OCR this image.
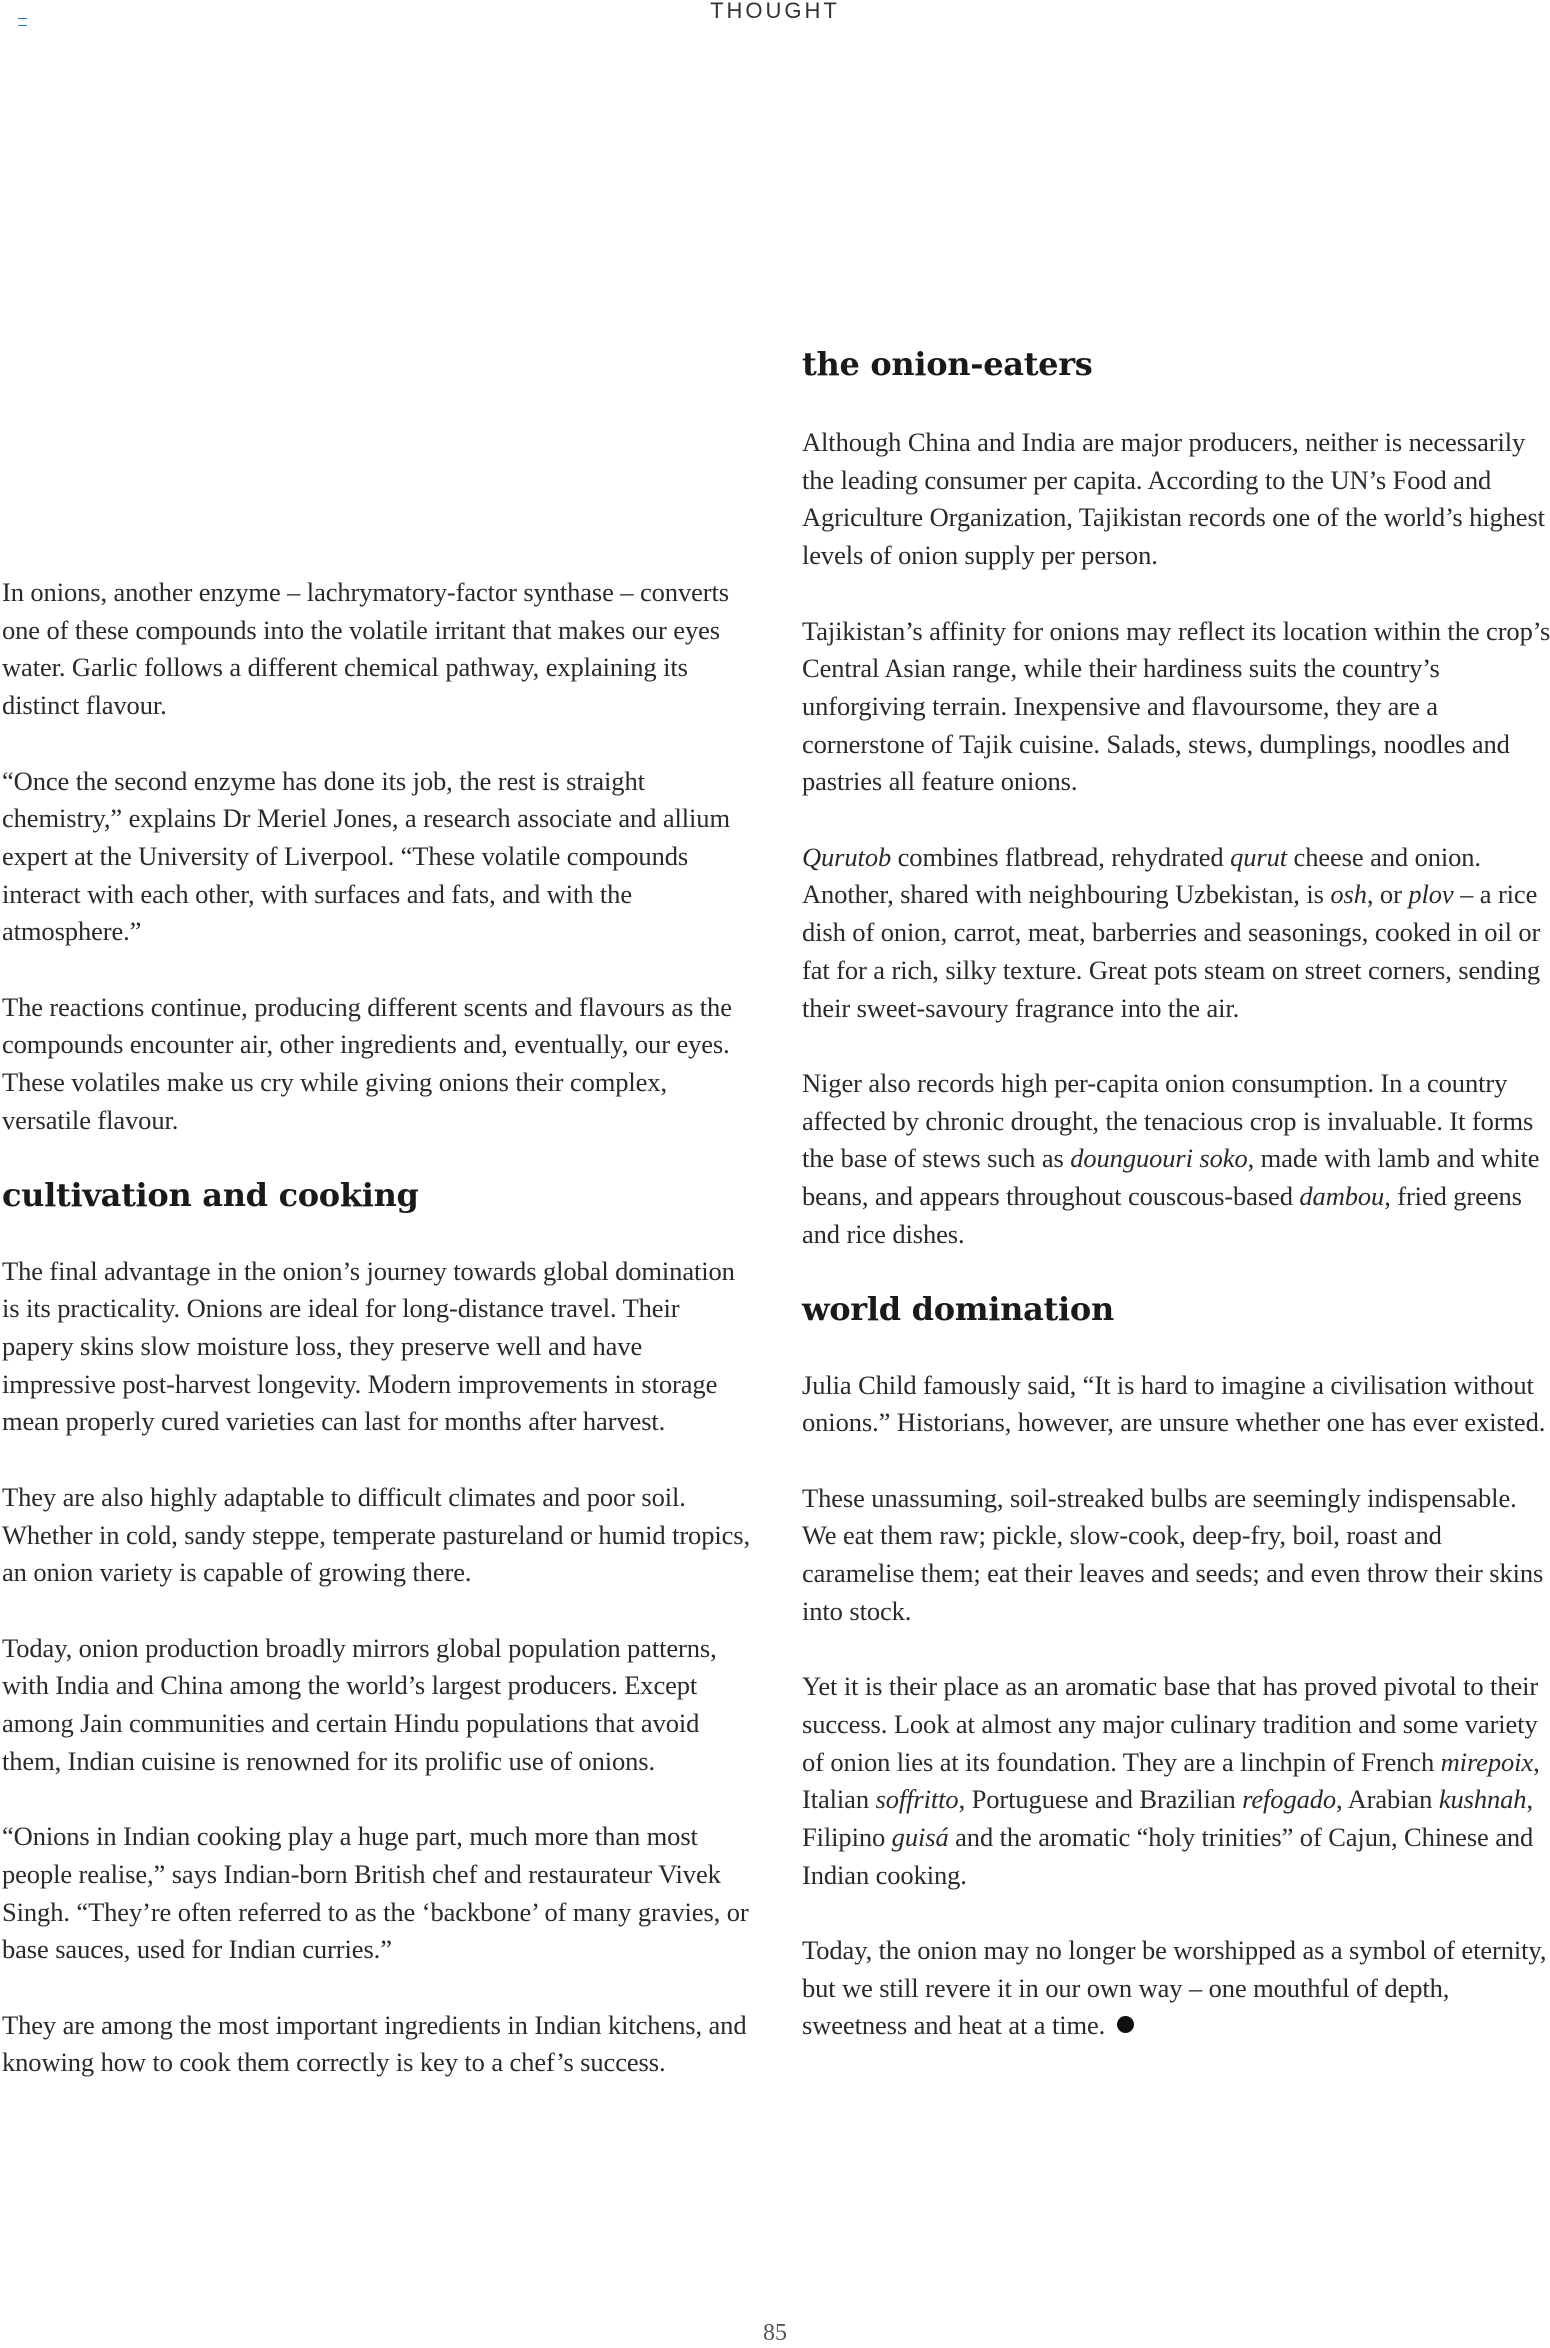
THOUGHT

In onions, another enzyme – lachrymatory-factor synthase – converts one of these compounds into the volatile irritant that makes our eyes water. Garlic follows a different chemical pathway, explaining its distinct flavour.

“Once the second enzyme has done its job, the rest is straight chemistry,” explains Dr Meriel Jones, a research associate and allium expert at the University of Liverpool. “These volatile compounds interact with each other, with surfaces and fats, and with the atmosphere.”

The reactions continue, producing different scents and flavours as the compounds encounter air, other ingredients and, eventually, our eyes. These volatiles make us cry while giving onions their complex, versatile flavour.

cultivation and cooking

The final advantage in the onion’s journey towards global domination is its practicality. Onions are ideal for long-distance travel. Their papery skins slow moisture loss, they preserve well and have impressive post-harvest longevity. Modern improvements in storage mean properly cured varieties can last for months after harvest.

They are also highly adaptable to difficult climates and poor soil. Whether in cold, sandy steppe, temperate pastureland or humid tropics, an onion variety is capable of growing there.

Today, onion production broadly mirrors global population patterns, with India and China among the world’s largest producers. Except among Jain communities and certain Hindu populations that avoid them, Indian cuisine is renowned for its prolific use of onions.

“Onions in Indian cooking play a huge part, much more than most people realise,” says Indian-born British chef and restaurateur Vivek Singh. “They’re often referred to as the ‘backbone’ of many gravies, or base sauces, used for Indian curries.”

They are among the most important ingredients in Indian kitchens, and knowing how to cook them correctly is key to a chef’s success.

the onion-eaters

Although China and India are major producers, neither is necessarily the leading consumer per capita. According to the UN’s Food and Agriculture Organization, Tajikistan records one of the world’s highest levels of onion supply per person.

Tajikistan’s affinity for onions may reflect its location within the crop’s Central Asian range, while their hardiness suits the country’s unforgiving terrain. Inexpensive and flavoursome, they are a cornerstone of Tajik cuisine. Salads, stews, dumplings, noodles and pastries all feature onions.

Qurutob combines flatbread, rehydrated qurut cheese and onion. Another, shared with neighbouring Uzbekistan, is osh, or plov – a rice dish of onion, carrot, meat, barberries and seasonings, cooked in oil or fat for a rich, silky texture. Great pots steam on street corners, sending their sweet-savoury fragrance into the air.

Niger also records high per-capita onion consumption. In a country affected by chronic drought, the tenacious crop is invaluable. It forms the base of stews such as dounguouri soko, made with lamb and white beans, and appears throughout couscous-based dambou, fried greens and rice dishes.

world domination

Julia Child famously said, “It is hard to imagine a civilisation without onions.” Historians, however, are unsure whether one has ever existed.

These unassuming, soil-streaked bulbs are seemingly indispensable. We eat them raw; pickle, slow-cook, deep-fry, boil, roast and caramelise them; eat their leaves and seeds; and even throw their skins into stock.

Yet it is their place as an aromatic base that has proved pivotal to their success. Look at almost any major culinary tradition and some variety of onion lies at its foundation. They are a linchpin of French mirepoix, Italian soffritto, Portuguese and Brazilian refogado, Arabian kushnah, Filipino guisá and the aromatic “holy trinities” of Cajun, Chinese and Indian cooking.

Today, the onion may no longer be worshipped as a symbol of eternity, but we still revere it in our own way – one mouthful of depth, sweetness and heat at a time.

85
